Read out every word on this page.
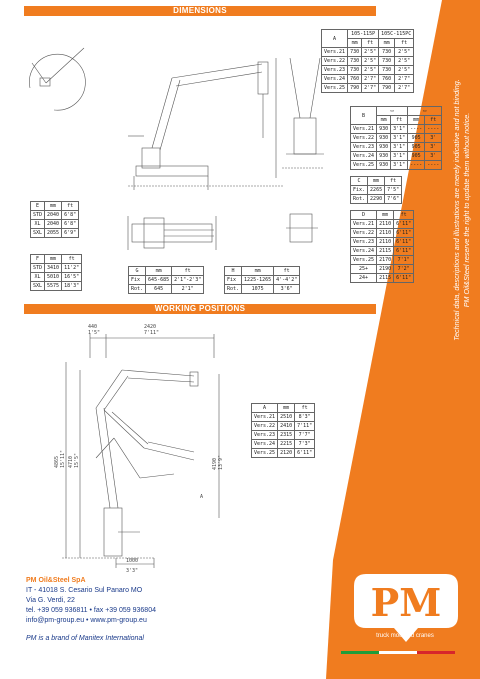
Technical data, descriptions and illustrations are merely indicative and not binding. PM Oil&Steel reserve the right to update them without notice.
DIMENSIONS
A	105-115P		105C-115PC	
	mm	ft	mm	ft
Vers.21	730	2'5"	730	2'5"
Vers.22	730	2'5"	730	2'5"
Vers.23	730	2'5"	730	2'5"
Vers.24	760	2'7"	760	2'7"
Vers.25	790	2'7"	790	2'7"
B	▭		▭	
	mm	ft	mm	ft
Vers.21	930	3'1"	----	----
Vers.22	930	3'1"	905	3'
Vers.23	930	3'1"	905	3'
Vers.24	930	3'1"	905	3'
Vers.25	930	3'1"	----	----
C	mm	ft
Fix.	2265	7'5"
Rot.	2290	7'6"
D	mm	ft
Vers.21	2110	6'11"
Vers.22	2110	6'11"
Vers.23	2110	6'11"
Vers.24	2115	6'11"
Vers.25	2170	7'1"
25+	2190	7'2"
24+	2115	6'11"
E	mm	ft
STD	2040	6'8"
XL	2040	6'8"
SXL	2055	6'9"
F	mm	ft
STD	3410	11'2"
XL	5010	16'5"
SXL	5575	18'3"
G	mm	ft
Fix	645-685	2'1"-2'3"
Rot.	645	2'1"
H	mm	ft
Fix	1225-1265	4'-4'2"
Rot.	1075	3'6"
WORKING POSITIONS
440
1'5"
2420
7'11"
4865 15'11" 4710 15'5"	4190 13'9"
1000
3'3"
A
A	mm	ft
Vers.21	2510	8'3"
Vers.22	2410	7'11"
Vers.23	2315	7'7"
Vers.24	2215	7'3"
Vers.25	2120	6'11"
PM Oil&Steel SpA
IT - 41018 S. Cesario Sul Panaro MO
Via G. Verdi, 22
tel. +39 059 936811 • fax +39 059 936804
info@pm-group.eu • www.pm-group.eu
PM is a brand of Manitex International
PM
truck mounted cranes
